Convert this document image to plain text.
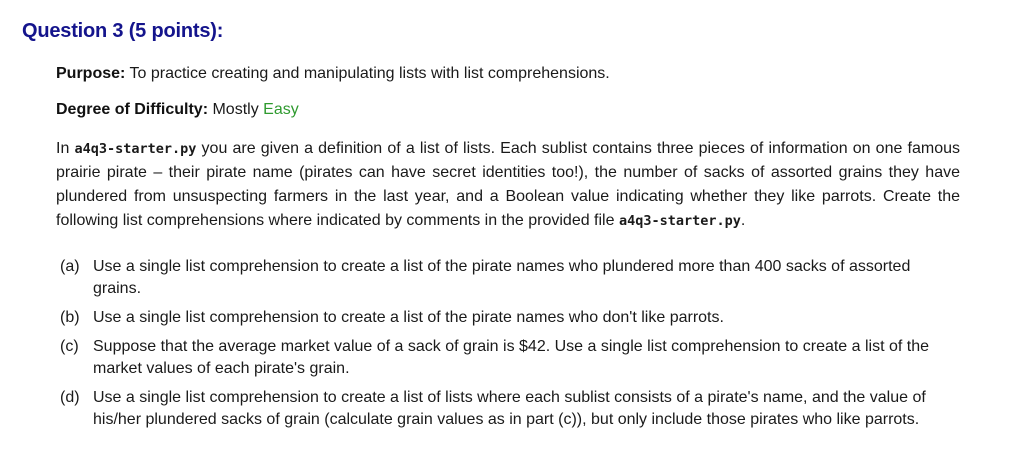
Question 3 (5 points):
Purpose: To practice creating and manipulating lists with list comprehensions.
Degree of Difficulty: Mostly Easy
In a4q3-starter.py you are given a definition of a list of lists. Each sublist contains three pieces of information on one famous prairie pirate – their pirate name (pirates can have secret identities too!), the number of sacks of assorted grains they have plundered from unsuspecting farmers in the last year, and a Boolean value indicating whether they like parrots. Create the following list comprehensions where indicated by comments in the provided file a4q3-starter.py.
(a) Use a single list comprehension to create a list of the pirate names who plundered more than 400 sacks of assorted grains.
(b) Use a single list comprehension to create a list of the pirate names who don't like parrots.
(c) Suppose that the average market value of a sack of grain is $42. Use a single list comprehension to create a list of the market values of each pirate's grain.
(d) Use a single list comprehension to create a list of lists where each sublist consists of a pirate's name, and the value of his/her plundered sacks of grain (calculate grain values as in part (c)), but only include those pirates who like parrots.
